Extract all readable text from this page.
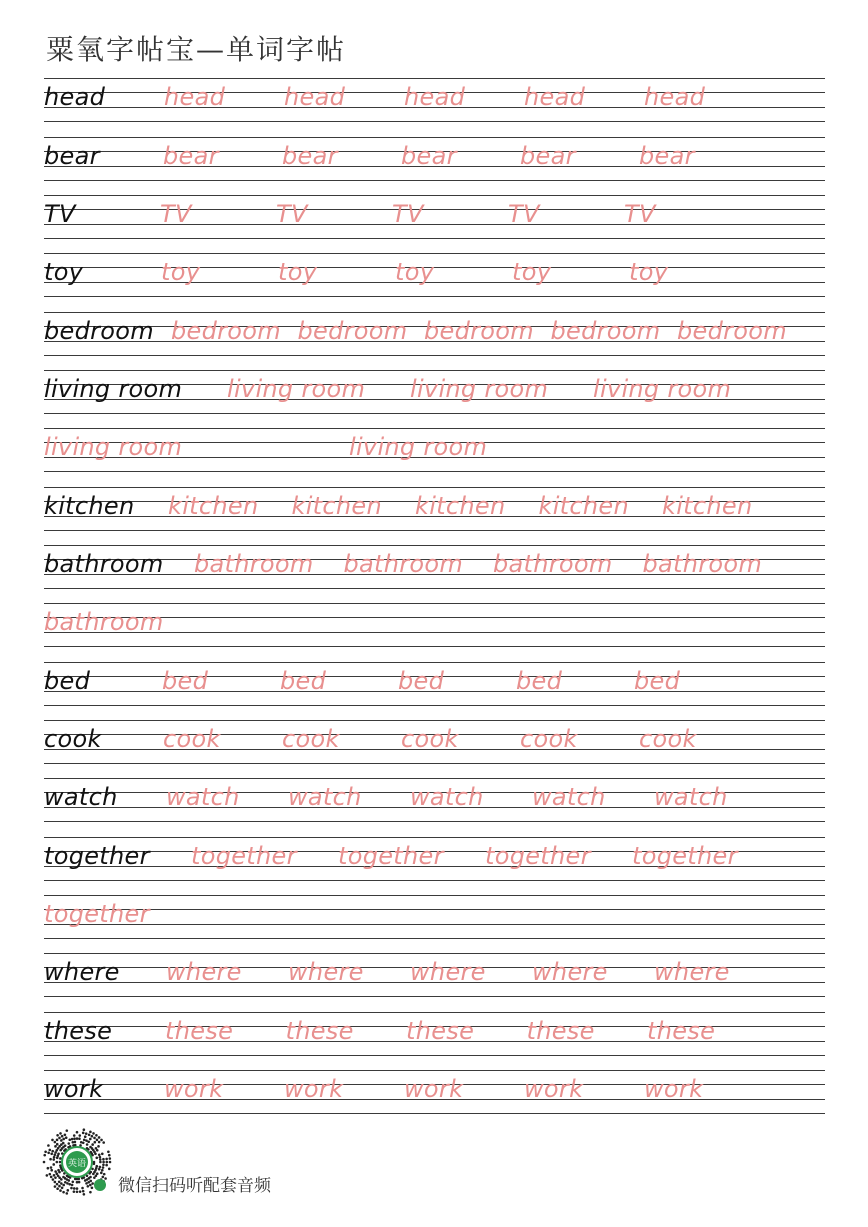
粟氧字帖宝—单词字帖
head head head head head head
bear	bear	bear	bear	bear	bear
TV	TV	TV	TV	TV	TV
toy	toy	toy	toy	toy	toy
bedroom bedroom bedroom bedroom bedroom bedroom
living room living room living room living room
living room	living room
kitchen kitchen kitchen kitchen kitchen kitchen
bathroom bathroom bathroom bathroom bathroom
bathroom
bed	bed	bed	bed	bed	bed
cook	cook	cook	cook	cook	cook
watch watch watch watch watch watch
together together together together together
together
where where where where where where
these these these these these these
work	work	work	work	work	work
英语
微信扫码听配套音频
